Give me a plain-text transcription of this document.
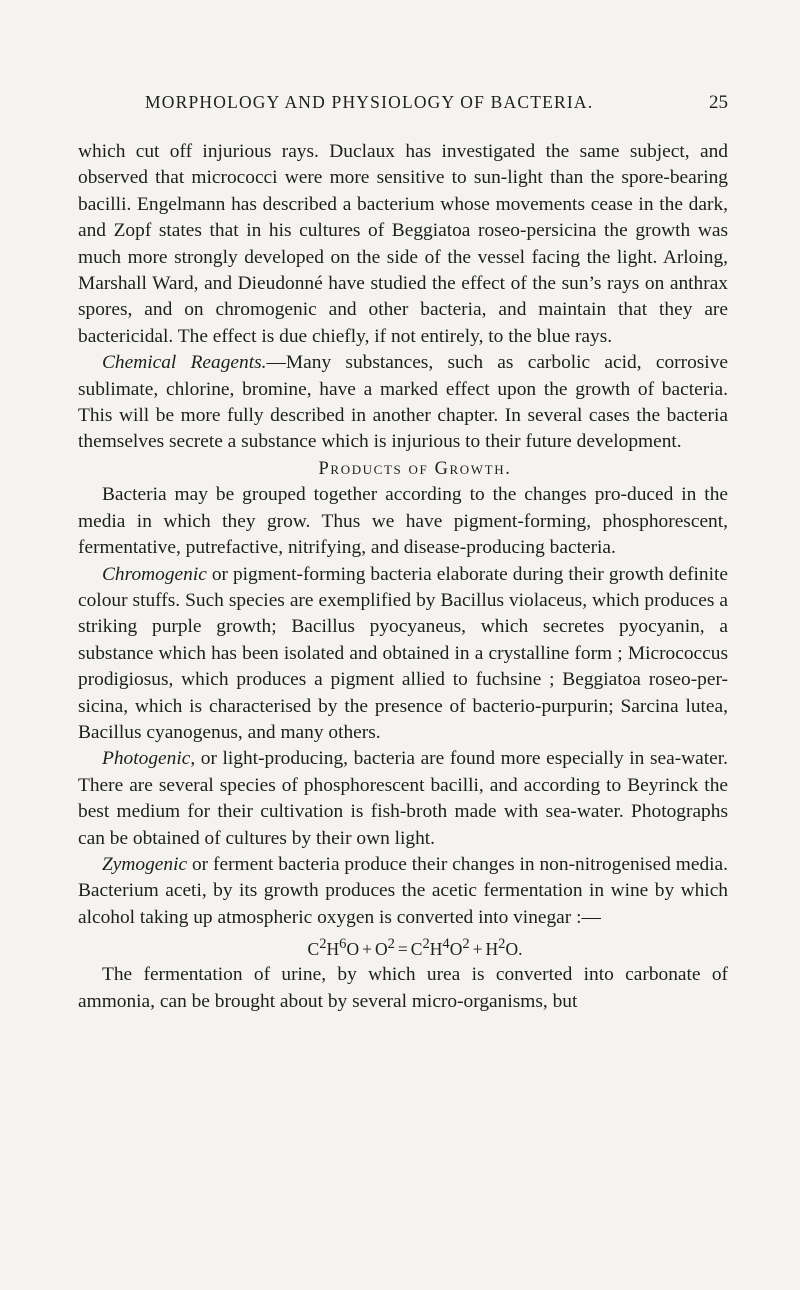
MORPHOLOGY AND PHYSIOLOGY OF BACTERIA.	25

which cut off injurious rays. Duclaux has investigated the same subject, and observed that micrococci were more sensitive to sun-light than the spore-bearing bacilli. Engelmann has described a bacterium whose movements cease in the dark, and Zopf states that in his cultures of Beggiatoa roseo-persicina the growth was much more strongly developed on the side of the vessel facing the light. Arloing, Marshall Ward, and Dieudonné have studied the effect of the sun’s rays on anthrax spores, and on chromogenic and other bacteria, and maintain that they are bactericidal. The effect is due chiefly, if not entirely, to the blue rays.

Chemical Reagents.—Many substances, such as carbolic acid, corrosive sublimate, chlorine, bromine, have a marked effect upon the growth of bacteria. This will be more fully described in another chapter. In several cases the bacteria themselves secrete a substance which is injurious to their future development.

Products of Growth.

Bacteria may be grouped together according to the changes pro-duced in the media in which they grow. Thus we have pigment-forming, phosphorescent, fermentative, putrefactive, nitrifying, and disease-producing bacteria.

Chromogenic or pigment-forming bacteria elaborate during their growth definite colour stuffs. Such species are exemplified by Bacillus violaceus, which produces a striking purple growth; Bacillus pyocyaneus, which secretes pyocyanin, a substance which has been isolated and obtained in a crystalline form ; Micrococcus prodigiosus, which produces a pigment allied to fuchsine ; Beggiatoa roseo-per-sicina, which is characterised by the presence of bacterio-purpurin; Sarcina lutea, Bacillus cyanogenus, and many others.

Photogenic, or light-producing, bacteria are found more especially in sea-water. There are several species of phosphorescent bacilli, and according to Beyrinck the best medium for their cultivation is fish-broth made with sea-water. Photographs can be obtained of cultures by their own light.

Zymogenic or ferment bacteria produce their changes in non-nitrogenised media. Bacterium aceti, by its growth produces the acetic fermentation in wine by which alcohol taking up atmospheric oxygen is converted into vinegar :—

$C^2H^6O + O^2 = C^2H^4O^2 + H^2O$.

The fermentation of urine, by which urea is converted into carbonate of ammonia, can be brought about by several micro-organisms, but
